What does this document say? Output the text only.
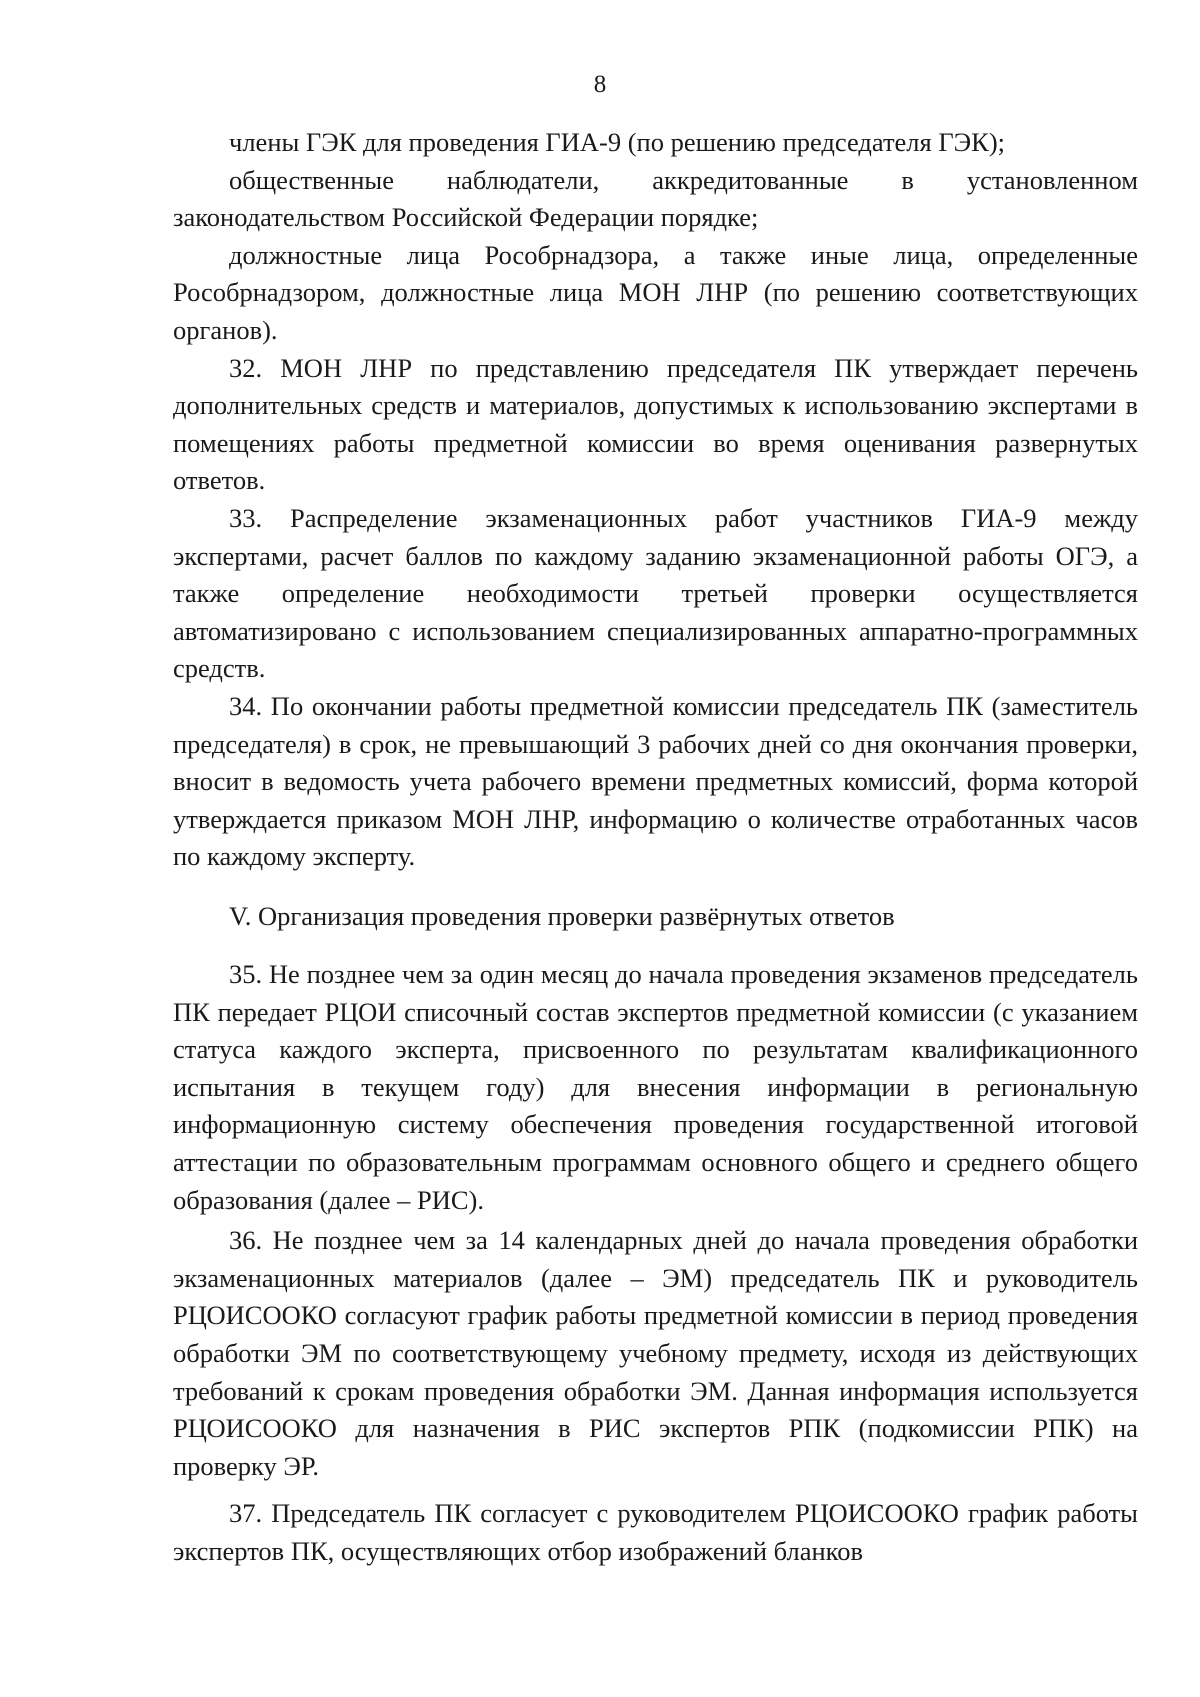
8

члены ГЭК для проведения ГИА-9 (по решению председателя ГЭК);

общественные наблюдатели, аккредитованные в установленном законодательством Российской Федерации порядке;

должностные лица Рособрнадзора, а также иные лица, определенные Рособрнадзором, должностные лица МОН ЛНР (по решению соответствующих органов).

32. МОН ЛНР по представлению председателя ПК утверждает перечень дополнительных средств и материалов, допустимых к использованию экспертами в помещениях работы предметной комиссии во время оценивания развернутых ответов.

33. Распределение экзаменационных работ участников ГИА-9 между экспертами, расчет баллов по каждому заданию экзаменационной работы ОГЭ, а также определение необходимости третьей проверки осуществляется автоматизировано с использованием специализированных аппаратно-программных средств.

34. По окончании работы предметной комиссии председатель ПК (заместитель председателя) в срок, не превышающий 3 рабочих дней со дня окончания проверки, вносит в ведомость учета рабочего времени предметных комиссий, форма которой утверждается приказом МОН ЛНР, информацию о количестве отработанных часов по каждому эксперту.

V. Организация проведения проверки развёрнутых ответов

35. Не позднее чем за один месяц до начала проведения экзаменов председатель ПК передает РЦОИ списочный состав экспертов предметной комиссии (с указанием статуса каждого эксперта, присвоенного по результатам квалификационного испытания в текущем году) для внесения информации в региональную информационную систему обеспечения проведения государственной итоговой аттестации по образовательным программам основного общего и среднего общего образования (далее – РИС).

36. Не позднее чем за 14 календарных дней до начала проведения обработки экзаменационных материалов (далее – ЭМ) председатель ПК и руководитель РЦОИСООКО согласуют график работы предметной комиссии в период проведения обработки ЭМ по соответствующему учебному предмету, исходя из действующих требований к срокам проведения обработки ЭМ. Данная информация используется РЦОИСООКО для назначения в РИС экспертов РПК (подкомиссии РПК) на проверку ЭР.

37. Председатель ПК согласует с руководителем РЦОИСООКО график работы экспертов ПК, осуществляющих отбор изображений бланков
